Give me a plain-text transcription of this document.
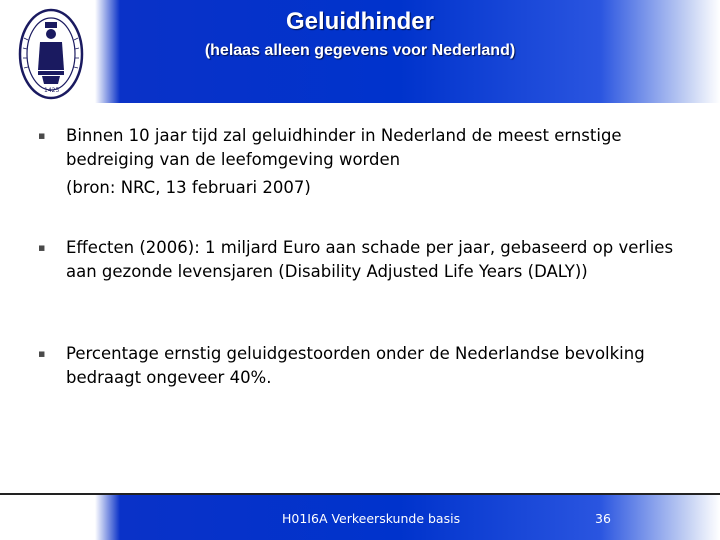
1425
Geluidhinder
(helaas alleen gegevens voor Nederland)
▪ Binnen 10 jaar tijd zal geluidhinder in Nederland de meest ernstige bedreiging van de leefomgeving worden
(bron: NRC, 13 februari 2007)
▪ Effecten (2006): 1 miljard Euro aan schade per jaar, gebaseerd op verlies aan gezonde levensjaren (Disability Adjusted Life Years (DALY))
▪ Percentage ernstig geluidgestoorden onder de Nederlandse bevolking bedraagt ongeveer 40%.
H01I6A Verkeerskunde basis	36
